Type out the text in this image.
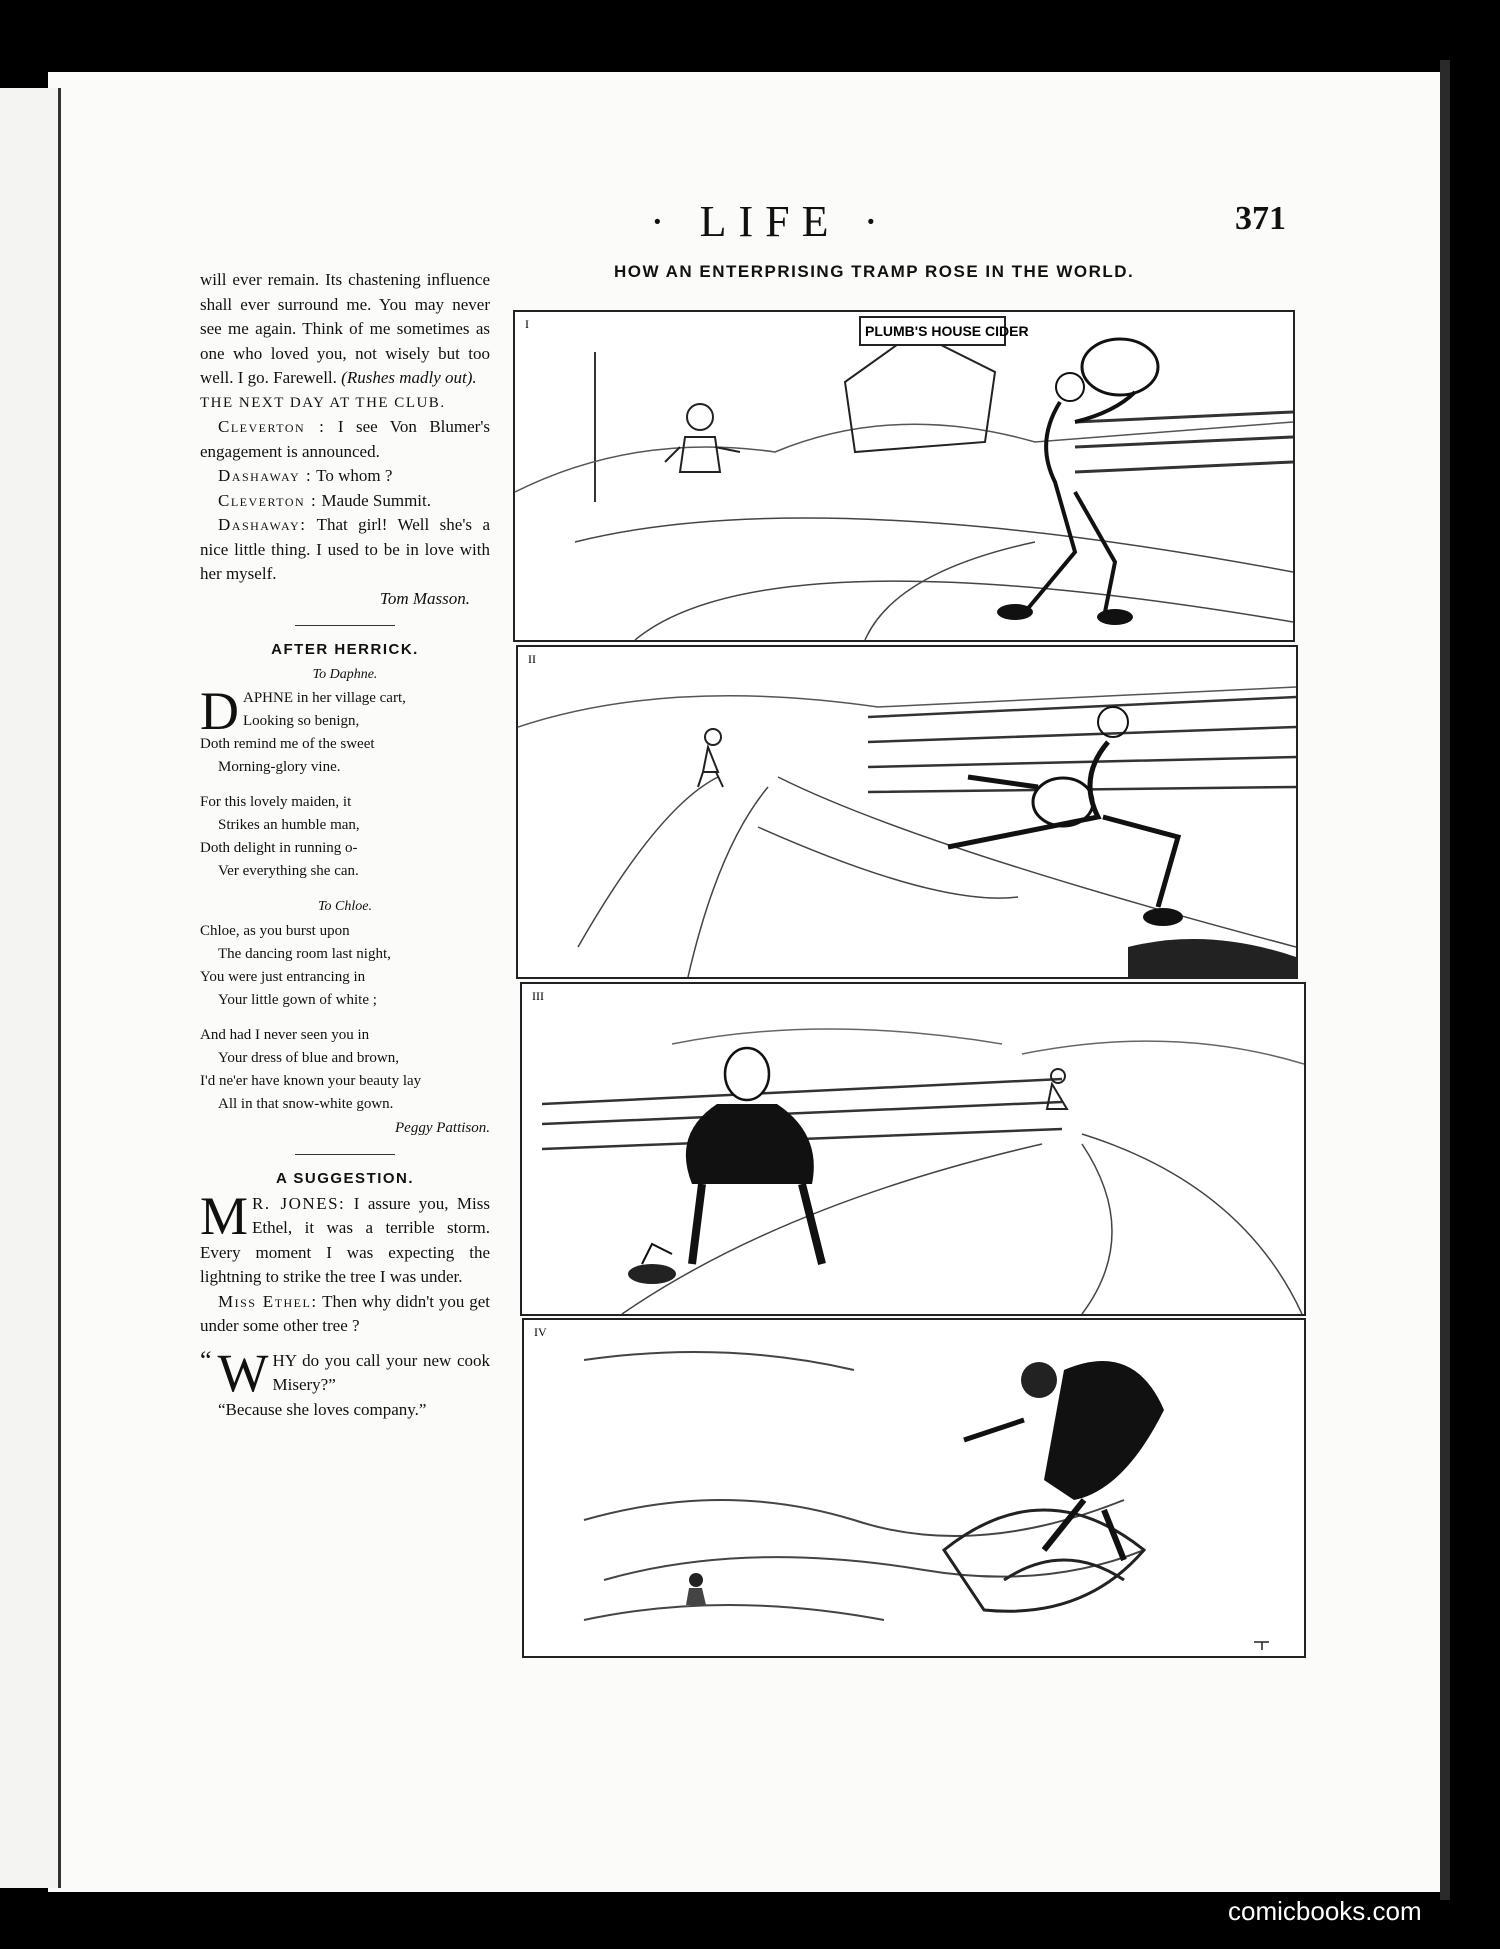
· LIFE ·	371
HOW AN ENTERPRISING TRAMP ROSE IN THE WORLD.

will ever remain. Its chastening influence shall ever surround me. You may never see me again. Think of me sometimes as one who loved you, not wisely but too well. I go. Farewell. (Rushes madly out).

THE NEXT DAY AT THE CLUB.

Cleverton : I see Von Blumer's engagement is announced.

Dashaway : To whom ?

Cleverton : Maude Summit.

Dashaway: That girl! Well she's a nice little thing. I used to be in love with her myself.

Tom Masson.

AFTER HERRICK.

To Daphne.

DAPHNE in her village cart,

Looking so benign,

Doth remind me of the sweet

Morning-glory vine.

For this lovely maiden, it

Strikes an humble man,

Doth delight in running o-

Ver everything she can.

To Chloe.

Chloe, as you burst upon

The dancing room last night,

You were just entrancing in

Your little gown of white ;

And had I never seen you in

Your dress of blue and brown,

I'd ne'er have known your beauty lay

All in that snow-white gown.

Peggy Pattison.

A SUGGESTION.

M R. JONES: I assure you, Miss Ethel, it was a terrible storm. Every moment I was expecting the lightning to strike the tree I was under.

Miss Ethel: Then why didn't you get under some other tree ?

“ W HY do you call your new cook Misery?”

“Because she loves company.”

I	PLUMB'S HOUSE CIDER
II
III
IV
comicbooks.com
